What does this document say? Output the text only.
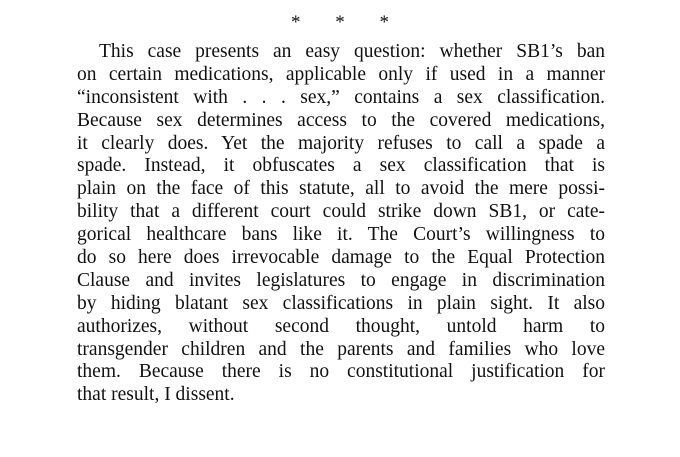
* * *
This case presents an easy question: whether SB1’s ban
on certain medications, applicable only if used in a manner
“inconsistent with . . . sex,” contains a sex classification.
Because sex determines access to the covered medications,
it clearly does. Yet the majority refuses to call a spade a
spade. Instead, it obfuscates a sex classification that is
plain on the face of this statute, all to avoid the mere possi-
bility that a different court could strike down SB1, or cate-
gorical healthcare bans like it. The Court’s willingness to
do so here does irrevocable damage to the Equal Protection
Clause and invites legislatures to engage in discrimination
by hiding blatant sex classifications in plain sight. It also
authorizes, without second thought, untold harm to
transgender children and the parents and families who love
them. Because there is no constitutional justification for
that result, I dissent.
